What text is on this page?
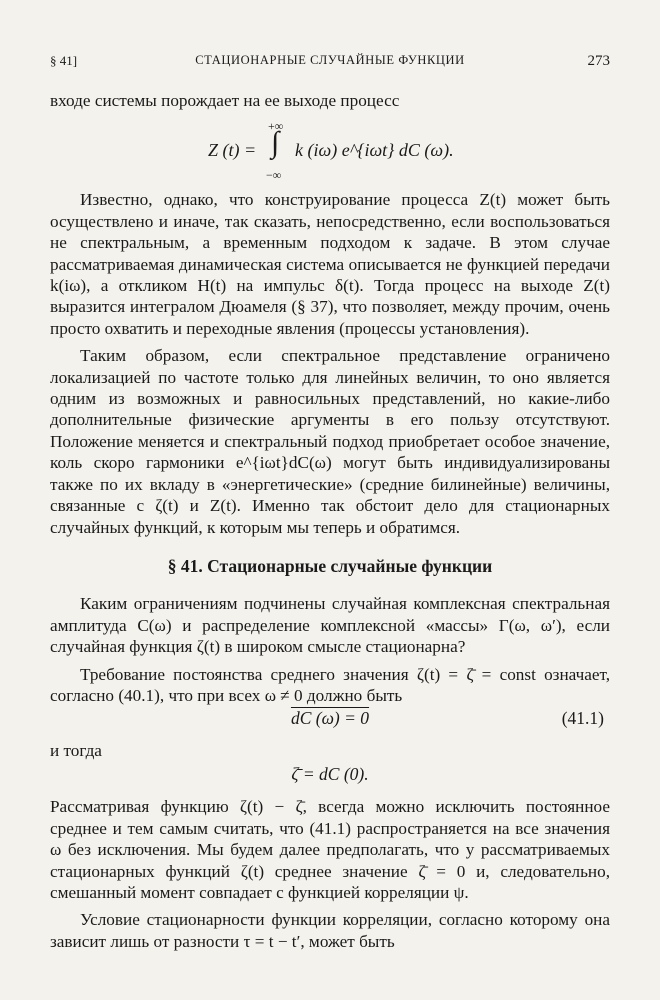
§ 41]	СТАЦИОНАРНЫЕ СЛУЧАЙНЫЕ ФУНКЦИИ	273

входе системы порождает на ее выходе процесс

Z (t) =
+∞
∫
−∞
k (iω) e^{iωt} dC (ω).

Известно, однако, что конструирование процесса Z(t) может быть осуществлено и иначе, так сказать, непосредственно, если воспользоваться не спектральным, а временным подходом к задаче. В этом случае рассматриваемая динамическая система описывается не функцией передачи k(iω), а откликом H(t) на импульс δ(t). Тогда процесс на выходе Z(t) выразится интегралом Дюамеля (§ 37), что позволяет, между прочим, очень просто охватить и переходные явления (процессы установления).

Таким образом, если спектральное представление ограничено локализацией по частоте только для линейных величин, то оно является одним из возможных и равносильных представлений, но какие-либо дополнительные физические аргументы в его пользу отсутствуют. Положение меняется и спектральный подход приобретает особое значение, коль скоро гармоники e^{iωt}dC(ω) могут быть индивидуализированы также по их вкладу в «энергетические» (средние билинейные) величины, связанные с ζ(t) и Z(t). Именно так обстоит дело для стационарных случайных функций, к которым мы теперь и обратимся.

§ 41. Стационарные случайные функции

Каким ограничениям подчинены случайная комплексная спектральная амплитуда C(ω) и распределение комплексной «массы» Γ(ω, ω′), если случайная функция ζ(t) в широком смысле стационарна?

Требование постоянства среднего значения ζ(t) = ζ̄ = const означает, согласно (40.1), что при всех ω ≠ 0 должно быть

dC (ω) = 0	(41.1)
и тогда
ζ̄ = dC (0).

Рассматривая функцию ζ(t) − ζ̄, всегда можно исключить постоянное среднее и тем самым считать, что (41.1) распространяется на все значения ω без исключения. Мы будем далее предполагать, что у рассматриваемых стационарных функций ζ(t) среднее значение ζ̄ = 0 и, следовательно, смешанный момент совпадает с функцией корреляции ψ.

Условие стационарности функции корреляции, согласно которому она зависит лишь от разности τ = t − t′, может быть
